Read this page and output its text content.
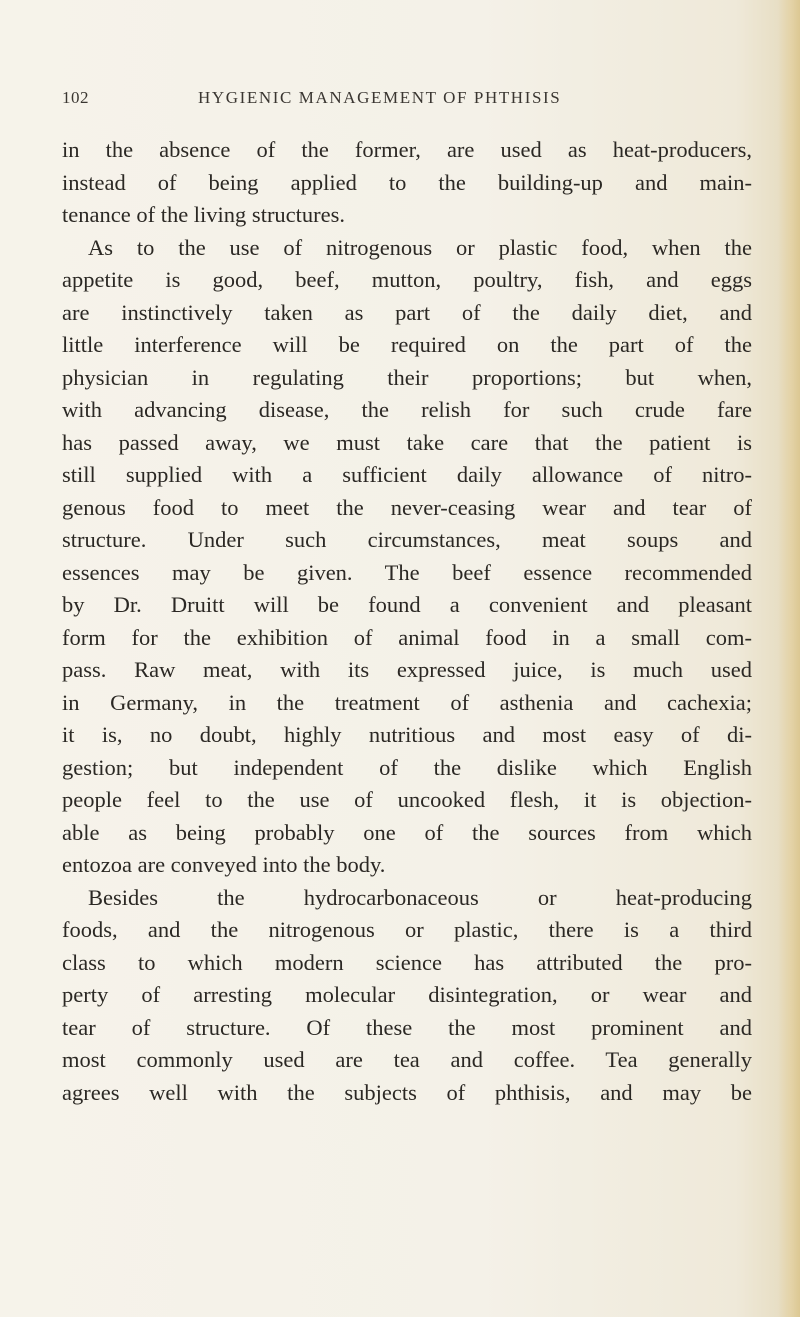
102	HYGIENIC MANAGEMENT OF PHTHISIS
in the absence of the former, are used as heat-producers,
instead of being applied to the building-up and main-
tenance of the living structures.
As to the use of nitrogenous or plastic food, when the
appetite is good, beef, mutton, poultry, fish, and eggs
are instinctively taken as part of the daily diet, and
little interference will be required on the part of the
physician in regulating their proportions; but when,
with advancing disease, the relish for such crude fare
has passed away, we must take care that the patient is
still supplied with a sufficient daily allowance of nitro-
genous food to meet the never-ceasing wear and tear of
structure. Under such circumstances, meat soups and
essences may be given. The beef essence recommended
by Dr. Druitt will be found a convenient and pleasant
form for the exhibition of animal food in a small com-
pass. Raw meat, with its expressed juice, is much used
in Germany, in the treatment of asthenia and cachexia;
it is, no doubt, highly nutritious and most easy of di-
gestion; but independent of the dislike which English
people feel to the use of uncooked flesh, it is objection-
able as being probably one of the sources from which
entozoa are conveyed into the body.
Besides the hydrocarbonaceous or heat-producing
foods, and the nitrogenous or plastic, there is a third
class to which modern science has attributed the pro-
perty of arresting molecular disintegration, or wear and
tear of structure. Of these the most prominent and
most commonly used are tea and coffee. Tea generally
agrees well with the subjects of phthisis, and may be
